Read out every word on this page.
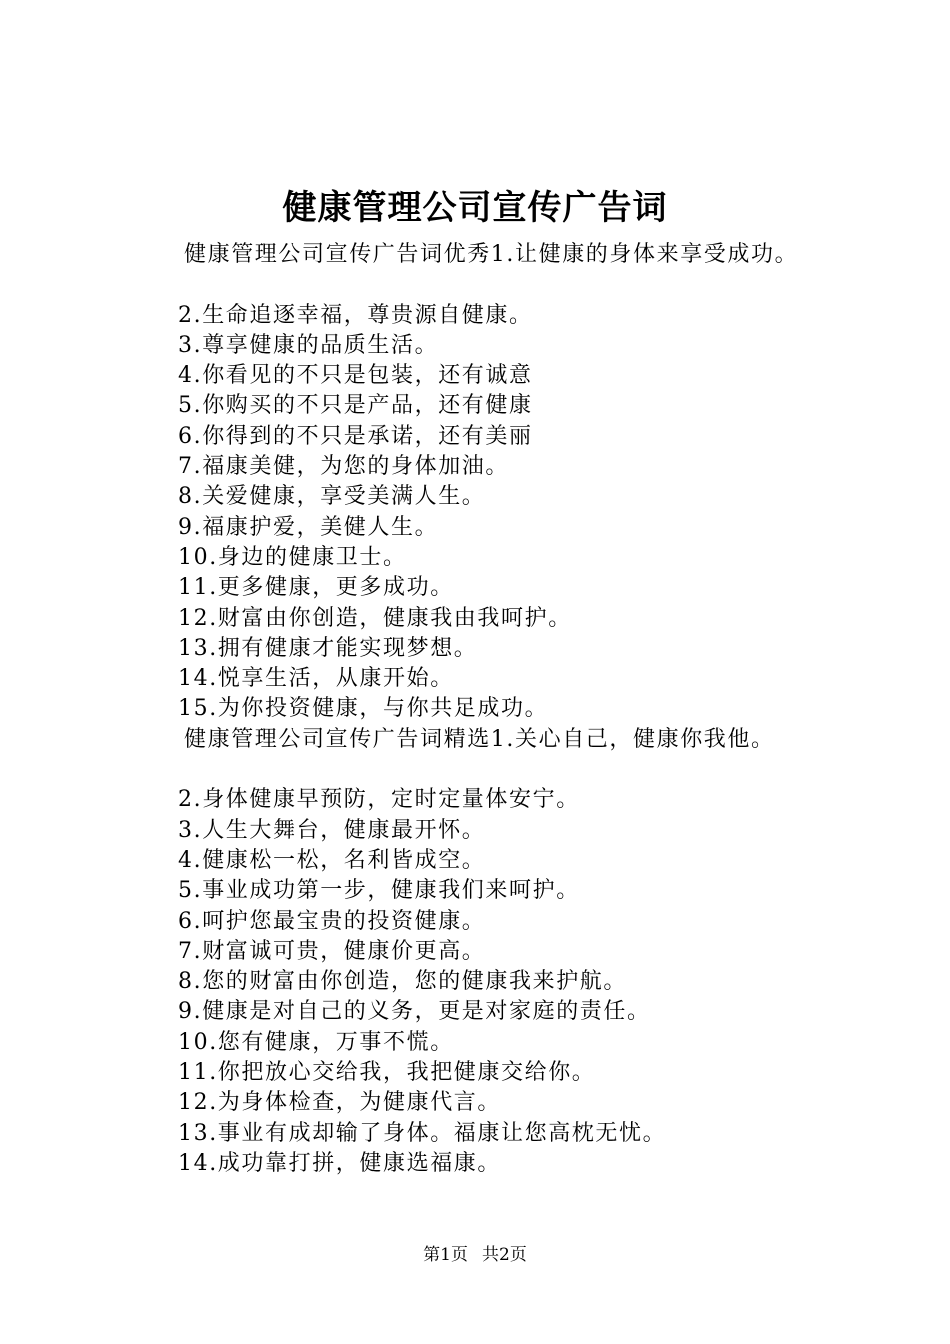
健康管理公司宣传广告词
健康管理公司宣传广告词优秀1.让健康的身体来享受成功。
2.生命追逐幸福，尊贵源自健康。
3.尊享健康的品质生活。
4.你看见的不只是包装，还有诚意
5.你购买的不只是产品，还有健康
6.你得到的不只是承诺，还有美丽
7.福康美健，为您的身体加油。
8.关爱健康，享受美满人生。
9.福康护爱，美健人生。
10.身边的健康卫士。
11.更多健康，更多成功。
12.财富由你创造，健康我由我呵护。
13.拥有健康才能实现梦想。
14.悦享生活，从康开始。
15.为你投资健康，与你共足成功。
健康管理公司宣传广告词精选1.关心自己，健康你我他。
2.身体健康早预防，定时定量体安宁。
3.人生大舞台，健康最开怀。
4.健康松一松，名利皆成空。
5.事业成功第一步，健康我们来呵护。
6.呵护您最宝贵的投资健康。
7.财富诚可贵，健康价更高。
8.您的财富由你创造，您的健康我来护航。
9.健康是对自己的义务，更是对家庭的责任。
10.您有健康，万事不慌。
11.你把放心交给我，我把健康交给你。
12.为身体检查，为健康代言。
13.事业有成却输了身体。福康让您高枕无忧。
14.成功靠打拼，健康选福康。
第1页 共2页
